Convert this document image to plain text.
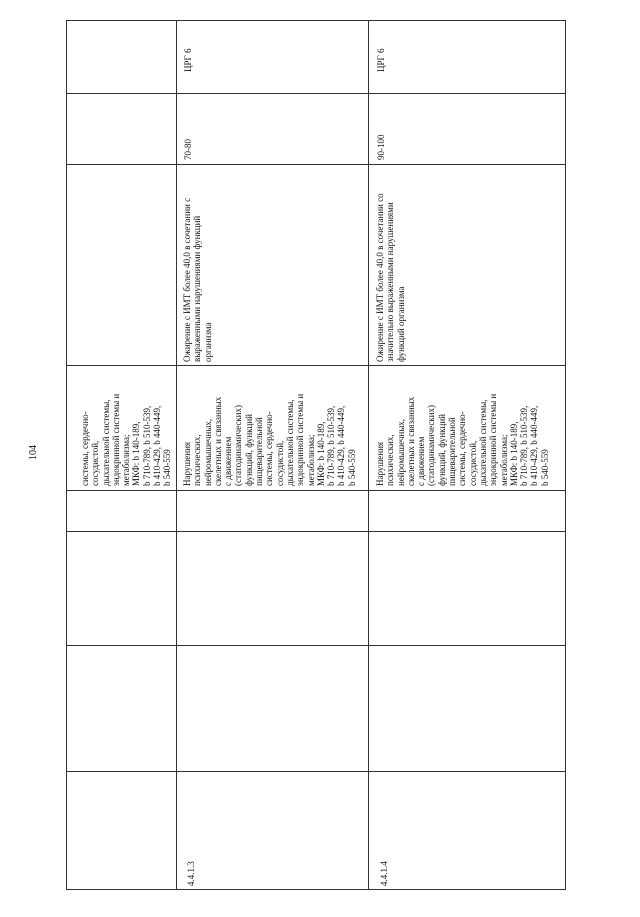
104	системы, сердечно- сосудистой, дыхательной системы, эндокринной системы и метаболизма; МКФ: b 140-189, b 710-789, b 510-539, b 410-429, b 440-449, b 540-559
4.4.1.3
Нарушения психических, нейромышечных, скелетных и связанных с движением (статодинамических) функций, функций пищеварительной системы, сердечно- сосудистой, дыхательной системы, эндокринной системы и метаболизма; МКФ: b 140-189, b 710-789, b 510-539, b 410-429, b 440-449, b 540-559
Ожирение с ИМТ более 40,0 в сочетании с выраженными нарушениями функций организма
70-80
ЦРГ 6
4.4.1.4
Нарушения психических, нейромышечных, скелетных и связанных с движением (статодинамических) функций, функций пищеварительной системы, сердечно- сосудистой, дыхательной системы, эндокринной системы и метаболизма; МКФ: b 140-189, b 710-789, b 510-539, b 410-429, b 440-449, b 540-559
Ожирение с ИМТ более 40,0 в сочетании со значительно выраженными нарушениями функций организма
90-100
ЦРГ 6
